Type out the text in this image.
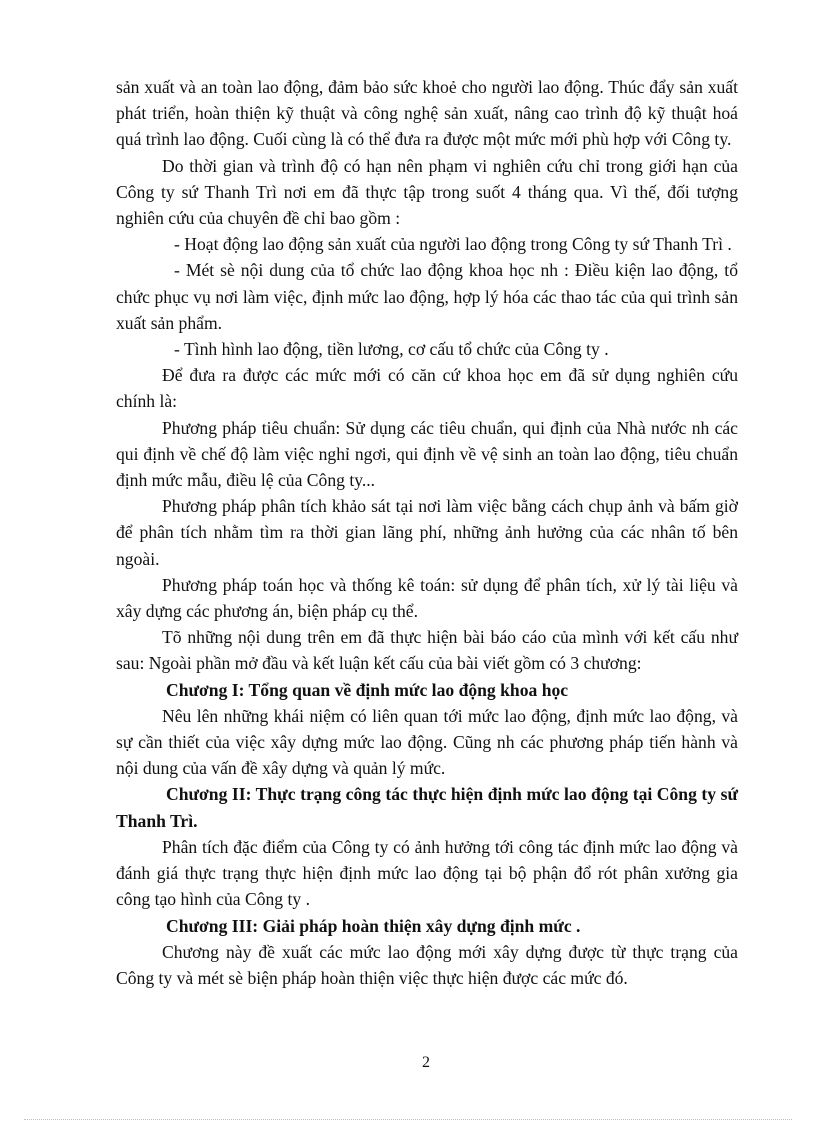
sản xuất và an toàn lao động, đảm bảo sức khoẻ cho người lao động. Thúc đẩy sản xuất phát triển, hoàn thiện kỹ thuật và công nghệ sản xuất, nâng cao trình độ kỹ thuật hoá quá trình lao động. Cuối cùng là có thể đưa ra được một mức mới phù hợp với Công ty.

Do thời gian và trình độ có hạn nên phạm vi nghiên cứu chỉ trong giới hạn của Công ty sứ Thanh Trì nơi em đã thực tập trong suốt 4 tháng qua. Vì thế, đối tượng nghiên cứu của chuyên đề chỉ bao gồm :

- Hoạt động lao động sản xuất của người lao động trong Công ty sứ Thanh Trì .

- Mét sè nội dung của tổ chức lao động khoa học nh : Điều kiện lao động, tổ chức phục vụ nơi làm việc, định mức lao động, hợp lý hóa các thao tác của qui trình sản xuất sản phẩm.

- Tình hình lao động, tiền lương, cơ cấu tổ chức của Công ty .

Để đưa ra được các mức mới có căn cứ khoa học em đã sử dụng nghiên cứu chính là:

Phương pháp tiêu chuẩn: Sử dụng các tiêu chuẩn, qui định của Nhà nước nh các qui định về chế độ làm việc nghỉ ngơi, qui định về vệ sinh an toàn lao động, tiêu chuẩn định mức mẫu, điều lệ của Công ty...

Phương pháp phân tích khảo sát tại nơi làm việc bằng cách chụp ảnh và bấm giờ để phân tích nhằm tìm ra thời gian lãng phí, những ảnh hưởng của các nhân tố bên ngoài.

Phương pháp toán học và thống kê toán: sử dụng để phân tích, xử lý tài liệu và xây dựng các phương án, biện pháp cụ thể.

Tõ những nội dung trên em đã thực hiện bài báo cáo của mình với kết cấu như sau: Ngoài phần mở đầu và kết luận kết cấu của bài viết gồm có 3 chương:

Chương I: Tổng quan về định mức lao động khoa học

Nêu lên những khái niệm có liên quan tới mức lao động, định mức lao động, và sự cần thiết của việc xây dựng mức lao động. Cũng nh các phương pháp tiến hành và nội dung của vấn đề xây dựng và quản lý mức.

Chương II: Thực trạng công tác thực hiện định mức lao động tại Công ty sứ Thanh Trì.

Phân tích đặc điểm của Công ty có ảnh hưởng tới công tác định mức lao động và đánh giá thực trạng thực hiện định mức lao động tại bộ phận đổ rót phân xưởng gia công tạo hình của Công ty .

Chương III: Giải pháp hoàn thiện xây dựng định mức .

Chương này đề xuất các mức lao động mới xây dựng được từ thực trạng của Công ty và mét sè biện pháp hoàn thiện việc thực hiện được các mức đó.

2
